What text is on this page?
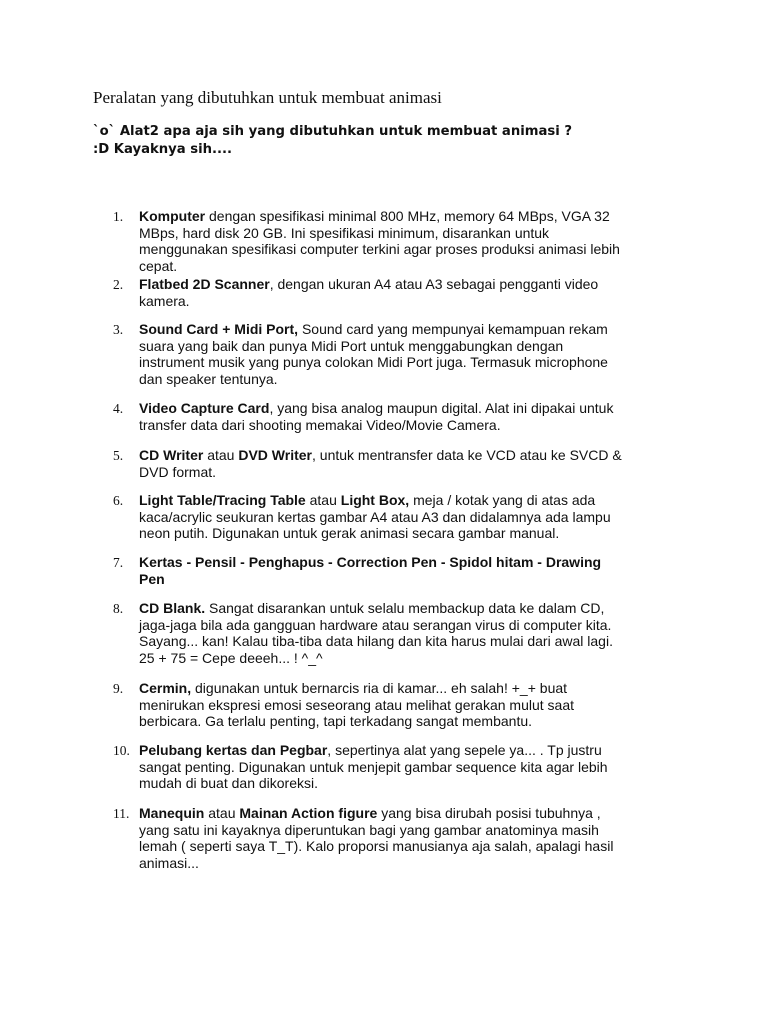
Peralatan yang dibutuhkan untuk membuat animasi
`o` Alat2 apa aja sih yang dibutuhkan untuk membuat animasi ?
:D Kayaknya sih....
1. Komputer dengan spesifikasi minimal 800 MHz, memory 64 MBps, VGA 32
MBps, hard disk 20 GB. Ini spesifikasi minimum, disarankan untuk
menggunakan spesifikasi computer terkini agar proses produksi animasi lebih
cepat.
2. Flatbed 2D Scanner, dengan ukuran A4 atau A3 sebagai pengganti video
kamera.
3. Sound Card + Midi Port, Sound card yang mempunyai kemampuan rekam
suara yang baik dan punya Midi Port untuk menggabungkan dengan
instrument musik yang punya colokan Midi Port juga. Termasuk microphone
dan speaker tentunya.
4. Video Capture Card, yang bisa analog maupun digital. Alat ini dipakai untuk
transfer data dari shooting memakai Video/Movie Camera.
5. CD Writer atau DVD Writer, untuk mentransfer data ke VCD atau ke SVCD &
DVD format.
6. Light Table/Tracing Table atau Light Box, meja / kotak yang di atas ada
kaca/acrylic seukuran kertas gambar A4 atau A3 dan didalamnya ada lampu
neon putih. Digunakan untuk gerak animasi secara gambar manual.
7. Kertas - Pensil - Penghapus - Correction Pen - Spidol hitam - Drawing
Pen
8. CD Blank. Sangat disarankan untuk selalu membackup data ke dalam CD,
jaga-jaga bila ada gangguan hardware atau serangan virus di computer kita.
Sayang... kan! Kalau tiba-tiba data hilang dan kita harus mulai dari awal lagi.
25 + 75 = Cepe deeeh... ! ^_^
9. Cermin, digunakan untuk bernarcis ria di kamar... eh salah! +_+ buat
menirukan ekspresi emosi seseorang atau melihat gerakan mulut saat
berbicara. Ga terlalu penting, tapi terkadang sangat membantu.
10. Pelubang kertas dan Pegbar, sepertinya alat yang sepele ya... . Tp justru
sangat penting. Digunakan untuk menjepit gambar sequence kita agar lebih
mudah di buat dan dikoreksi.
11. Manequin atau Mainan Action figure yang bisa dirubah posisi tubuhnya ,
yang satu ini kayaknya diperuntukan bagi yang gambar anatominya masih
lemah ( seperti saya T_T). Kalo proporsi manusianya aja salah, apalagi hasil
animasi...
